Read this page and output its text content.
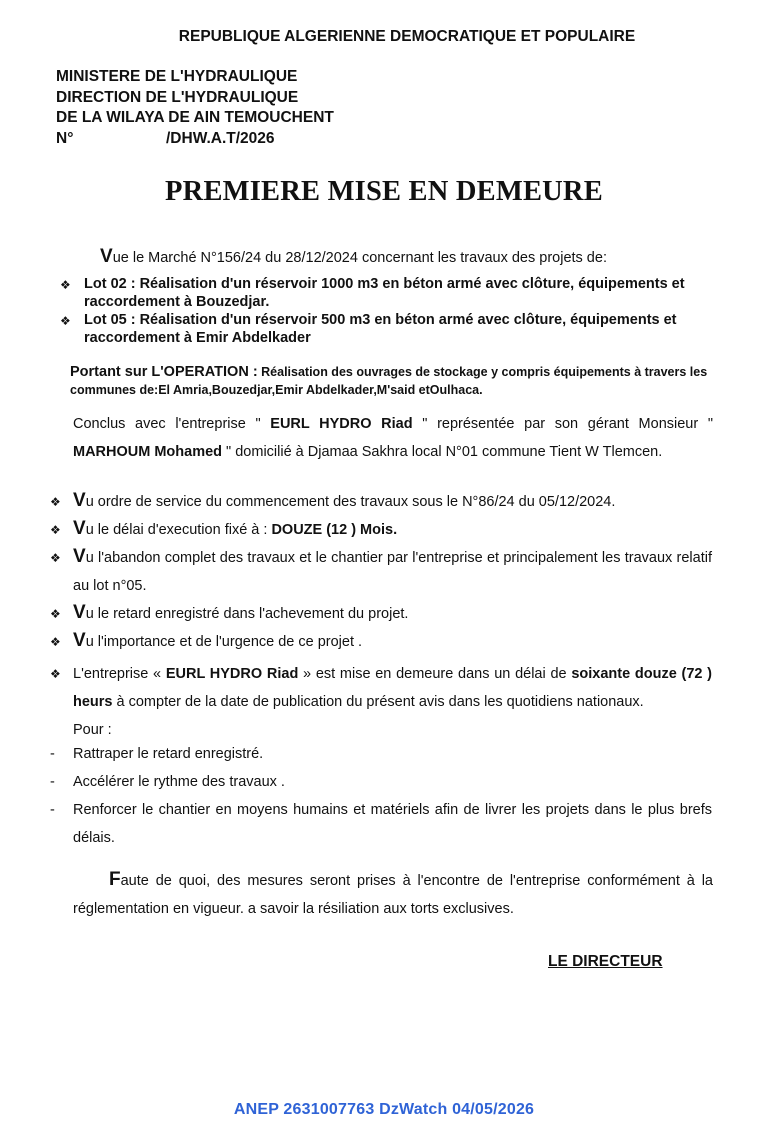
REPUBLIQUE ALGERIENNE DEMOCRATIQUE ET POPULAIRE
MINISTERE DE L'HYDRAULIQUE
DIRECTION DE L'HYDRAULIQUE
DE LA WILAYA DE AIN TEMOUCHENT
N°	/DHW.A.T/2026
PREMIERE MISE EN DEMEURE
Vue le Marché N°156/24 du 28/12/2024 concernant les travaux des projets de:
❖ Lot 02 : Réalisation d'un réservoir 1000 m3 en béton armé avec clôture, équipements et raccordement à Bouzedjar.
❖ Lot 05 : Réalisation d'un réservoir 500 m3 en béton armé avec clôture, équipements et raccordement à Emir Abdelkader
Portant sur L'OPERATION : Réalisation des ouvrages de stockage y compris équipements à travers les communes de:El Amria,Bouzedjar,Emir Abdelkader,M'said etOulhaca.
Conclus avec l'entreprise " EURL HYDRO Riad " représentée par son gérant Monsieur " MARHOUM Mohamed " domicilié à Djamaa Sakhra local N°01 commune Tient W Tlemcen.
❖ Vu ordre de service du commencement des travaux sous le N°86/24 du 05/12/2024.
❖ Vu le délai d'execution fixé à : DOUZE (12 ) Mois.
❖ Vu l'abandon complet des travaux et le chantier par l'entreprise et principalement les travaux relatif au lot n°05.
❖ Vu le retard enregistré dans l'achevement du projet.
❖ Vu l'importance et de l'urgence de ce projet .
❖ L'entreprise « EURL HYDRO Riad » est mise en demeure dans un délai de soixante douze (72 ) heurs à compter de la date de publication du présent avis dans les quotidiens nationaux.
Pour :
- Rattraper le retard enregistré.
- Accélérer le rythme des travaux .
- Renforcer le chantier en moyens humains et matériels afin de livrer les projets dans le plus brefs délais.
Faute de quoi, des mesures seront prises à l'encontre de l'entreprise conformément à la réglementation en vigueur. a savoir la résiliation aux torts exclusives.
LE DIRECTEUR
ANEP 2631007763 DzWatch 04/05/2026
